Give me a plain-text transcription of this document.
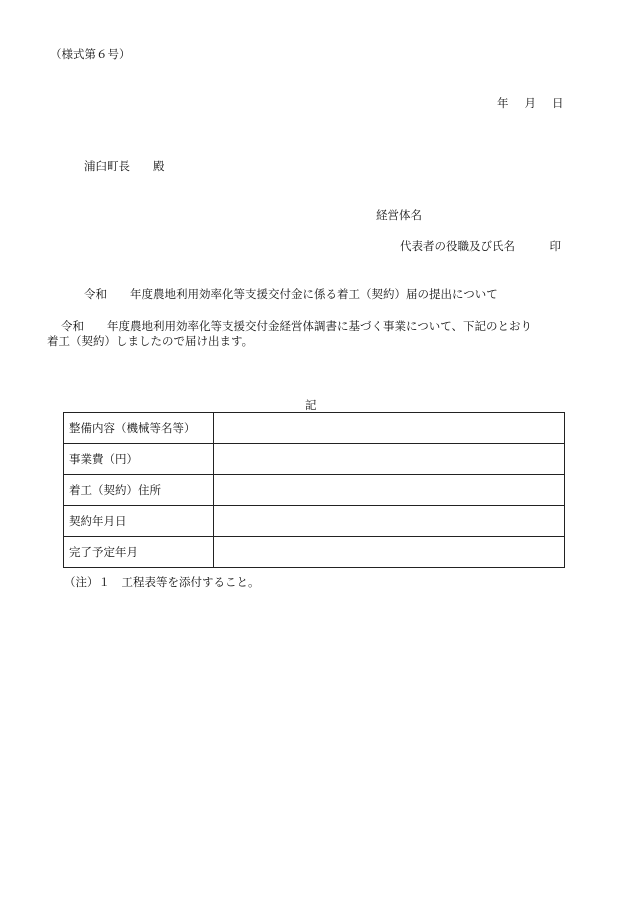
（様式第６号）
年 月 日
浦臼町長　　殿
経営体名
代表者の役職及び氏名　　　印
令和　　年度農地利用効率化等支援交付金に係る着工（契約）届の提出について
令和　　年度農地利用効率化等支援交付金経営体調書に基づく事業について、下記のとおり
着工（契約）しましたので届け出ます。
記
整備内容（機械等名等）	
事業費（円）	
着工（契約）住所	
契約年月日	
完了予定年月	
（注）１　工程表等を添付すること。
